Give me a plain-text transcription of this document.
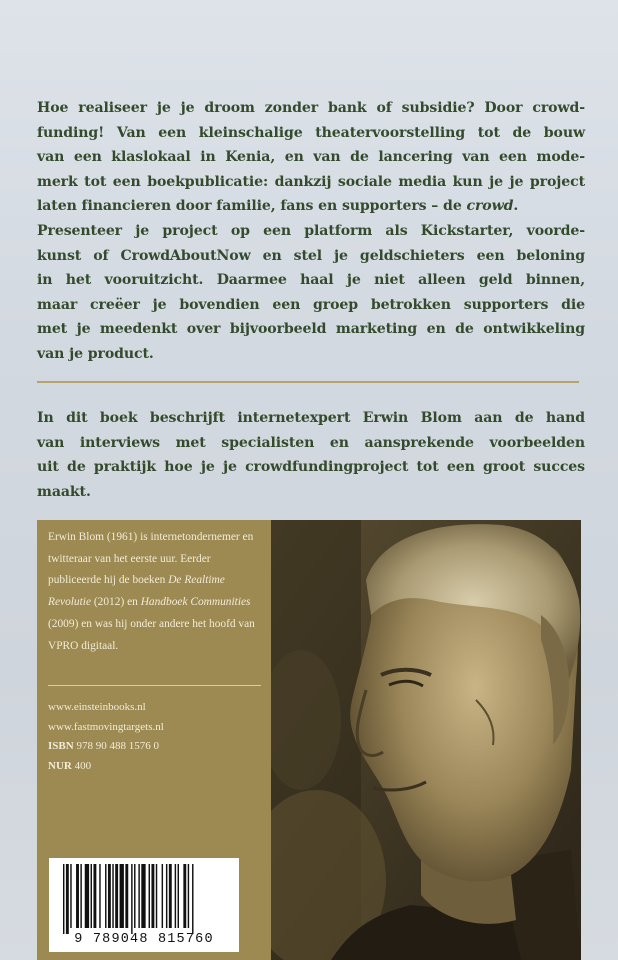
Hoe realiseer je je droom zonder bank of subsidie? Door crowd-
funding! Van een kleinschalige theatervoorstelling tot de bouw
van een klaslokaal in Kenia, en van de lancering van een mode-
merk tot een boekpublicatie: dankzij sociale media kun je je project
laten financieren door familie, fans en supporters – de crowd.
Presenteer je project op een platform als Kickstarter, voorde-
kunst of CrowdAboutNow en stel je geldschieters een beloning
in het vooruitzicht. Daarmee haal je niet alleen geld binnen,
maar creëer je bovendien een groep betrokken supporters die
met je meedenkt over bijvoorbeeld marketing en de ontwikkeling
van je product.

In dit boek beschrijft internetexpert Erwin Blom aan de hand
van interviews met specialisten en aansprekende voorbeelden
uit de praktijk hoe je je crowdfundingproject tot een groot succes
maakt.

Erwin Blom (1961) is internetondernemer en twitteraar van het eerste uur. Eerder publiceerde hij de boeken De Realtime Revolutie (2012) en Handboek Communities (2009) en was hij onder andere het hoofd van VPRO digitaal.

www.einsteinbooks.nl
www.fastmovingtargets.nl
ISBN 978 90 488 1576 0
NUR 400

9 789048 815760
